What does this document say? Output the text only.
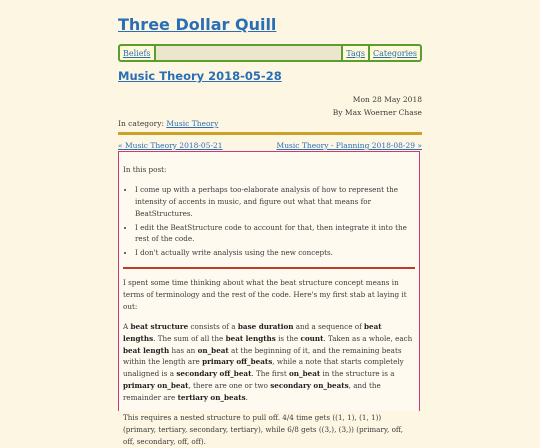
Three Dollar Quill
Beliefs	Tags Categories
Music Theory 2018-05-28
Mon 28 May 2018
By Max Woerner Chase
In category: Music Theory
« Music Theory 2018-05-21	Music Theory - Planning 2018-08-29 »

In this post:

• I come up with a perhaps too-elaborate analysis of how to represent the intensity of accents in music, and figure out what that means for BeatStructures.
• I edit the BeatStructure code to account for that, then integrate it into the rest of the code.
• I don't actually write analysis using the new concepts.

I spent some time thinking about what the beat structure concept means in terms of terminology and the rest of the code. Here's my first stab at laying it out:

A beat structure consists of a base duration and a sequence of beat lengths. The sum of all the beat lengths is the count. Taken as a whole, each beat length has an on_beat at the beginning of it, and the remaining beats within the length are primary off_beats, while a note that starts completely unaligned is a secondary off_beat. The first on_beat in the structure is a primary on_beat, there are one or two secondary on_beats, and the remainder are tertiary on_beats.

This requires a nested structure to pull off. 4/4 time gets ((1, 1), (1, 1)) (primary, tertiary, secondary, tertiary), while 6/8 gets ((3,), (3,)) (primary, off, off, secondary, off, off).
